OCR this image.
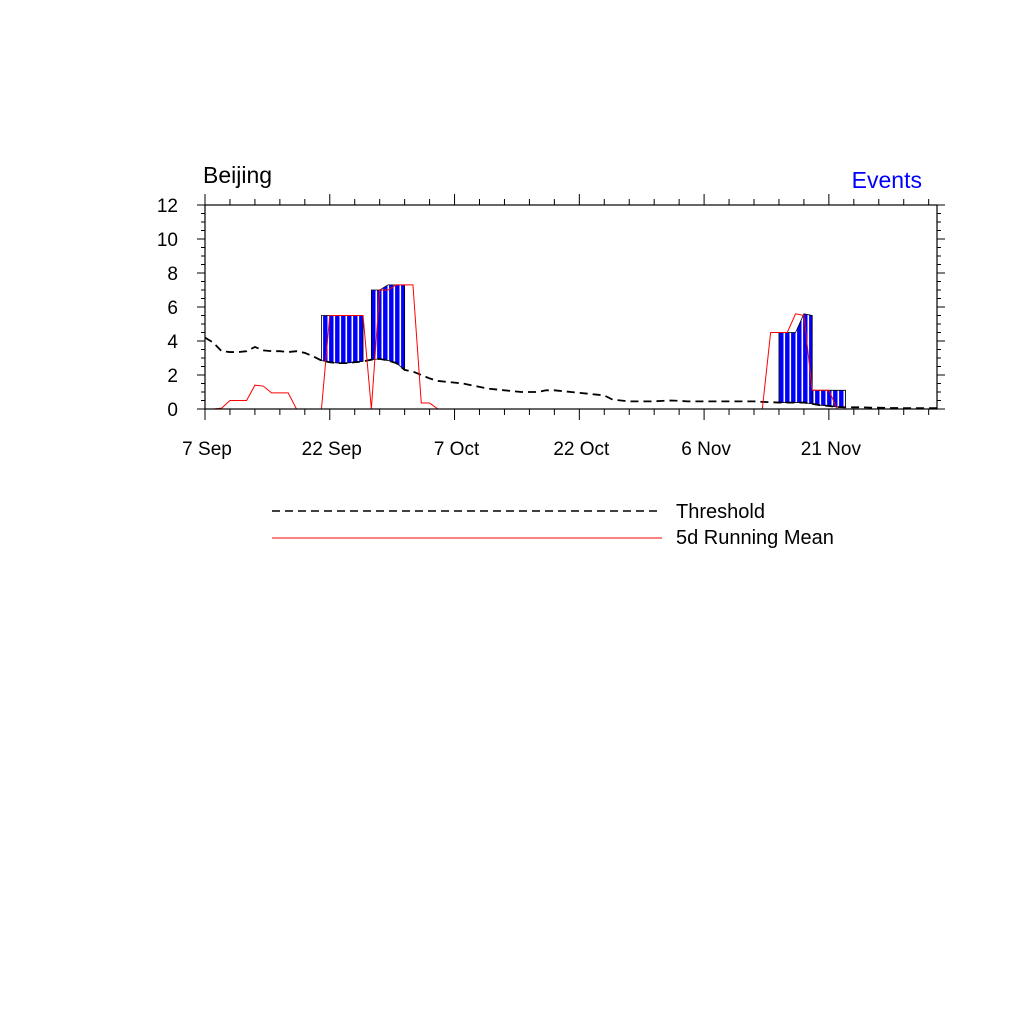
Beijing	Events
0
2
4
6
8
10
12
7 Sep	22 Sep	7 Oct	22 Oct	6 Nov	21 Nov
Threshold
5d Running Mean
